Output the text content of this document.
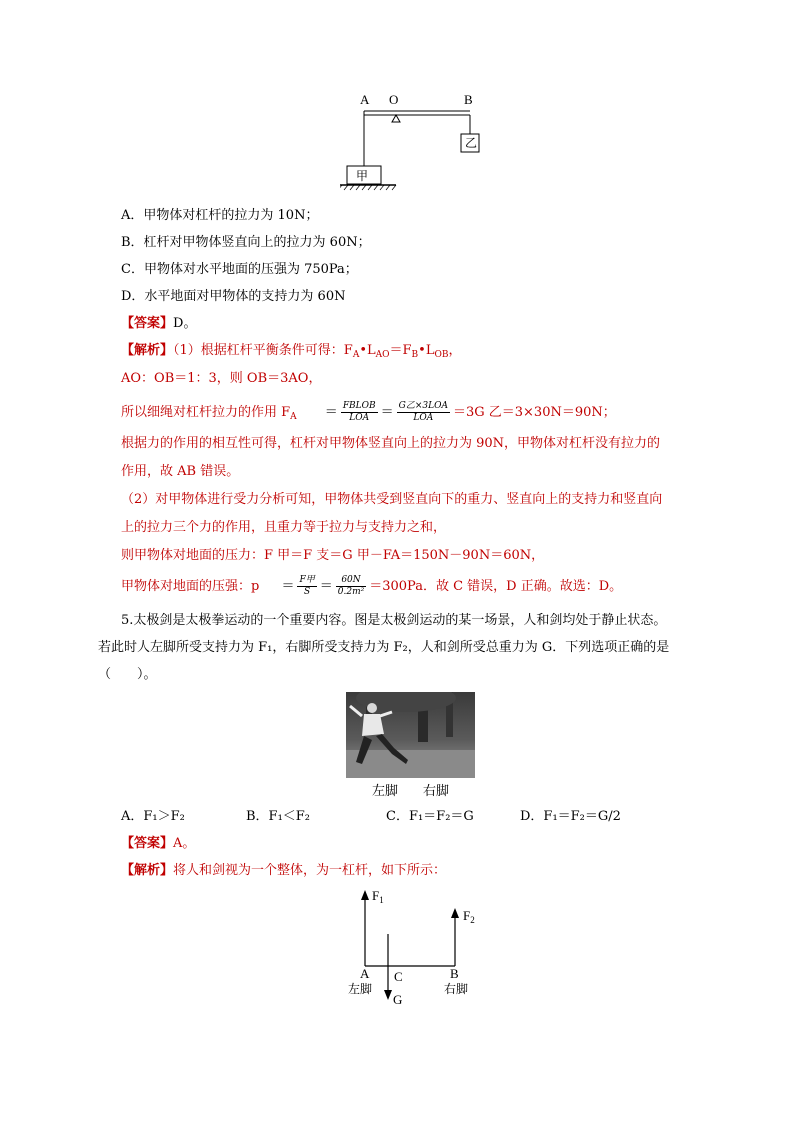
A O	B
甲
乙
A．甲物体对杠杆的拉力为 10N；
B．杠杆对甲物体竖直向上的拉力为 60N；
C．甲物体对水平地面的压强为 750Pa；
D．水平地面对甲物体的支持力为 60N
【答案】D。
【解析】（1）根据杠杆平衡条件可得：$F_A•L_{AO}=F_B•L_{OB}$，
AO：OB＝1：3，则 OB＝3AO，
所以细绳对杠杆拉力的作用 $F_A = \frac{\text{FBLOB}}{\text{LOA}} = \frac{\text{G乙×3LOA}}{\text{LOA}} =3G$ 乙＝3×30N＝90N；
根据力的作用的相互性可得，杠杆对甲物体竖直向上的拉力为 90N，甲物体对杠杆没有拉力的
作用，故 AB 错误。
（2）对甲物体进行受力分析可知，甲物体共受到竖直向下的重力、竖直向上的支持力和竖直向
上的拉力三个力的作用，且重力等于拉力与支持力之和，
则甲物体对地面的压力：F 甲＝F 支＝G 甲－FA＝150N－90N＝60N，
甲物体对地面的压强：$p = \frac{\text{F甲}}{S} = \frac{60N}{\text{0.2m²}} =300Pa$．故 C 错误，D 正确。故选：D。
5.太极剑是太极拳运动的一个重要内容。图是太极剑运动的某一场景，人和剑均处于静止状态。
若此时人左脚所受支持力为 F₁，右脚所受支持力为 F₂，人和剑所受总重力为 G．下列选项正确的是
（　　）。
左脚 右脚
A．F₁＞F₂	B．F₁＜F₂	C．F₁＝F₂＝G	D．F₁＝F₂＝G/2
【答案】A。
【解析】将人和剑视为一个整体，为一杠杆，如下所示：
$F_1$
$F_2$
A C	B
左脚	右脚
G
